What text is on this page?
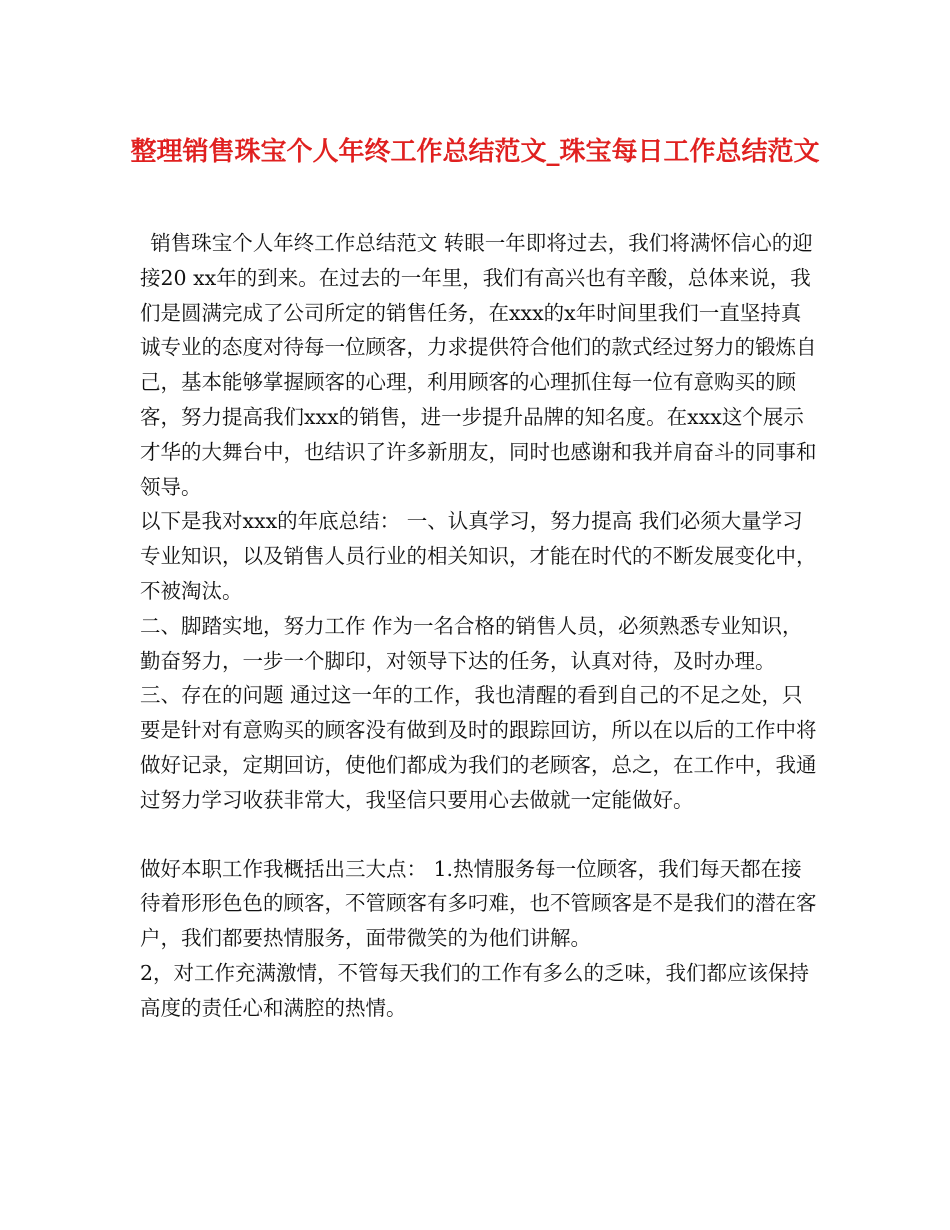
整理销售珠宝个人年终工作总结范文_珠宝每日工作总结范文

销售珠宝个人年终工作总结范文 转眼一年即将过去，我们将满怀信心的迎接20 xx年的到来。在过去的一年里，我们有高兴也有辛酸，总体来说，我们是圆满完成了公司所定的销售任务，在xxx的x年时间里我们一直坚持真诚专业的态度对待每一位顾客，力求提供符合他们的款式经过努力的锻炼自己，基本能够掌握顾客的心理，利用顾客的心理抓住每一位有意购买的顾客，努力提高我们xxx的销售，进一步提升品牌的知名度。在xxx这个展示才华的大舞台中，也结识了许多新朋友，同时也感谢和我并肩奋斗的同事和领导。

以下是我对xxx的年底总结： 一、认真学习，努力提高 我们必须大量学习专业知识，以及销售人员行业的相关知识，才能在时代的不断发展变化中，不被淘汰。

二、脚踏实地，努力工作 作为一名合格的销售人员，必须熟悉专业知识，勤奋努力，一步一个脚印，对领导下达的任务，认真对待，及时办理。

三、存在的问题 通过这一年的工作，我也清醒的看到自己的不足之处，只要是针对有意购买的顾客没有做到及时的跟踪回访，所以在以后的工作中将做好记录，定期回访，使他们都成为我们的老顾客，总之，在工作中，我通过努力学习收获非常大，我坚信只要用心去做就一定能做好。

做好本职工作我概括出三大点： 1.热情服务每一位顾客，我们每天都在接待着形形色色的顾客，不管顾客有多叼难，也不管顾客是不是我们的潜在客户，我们都要热情服务，面带微笑的为他们讲解。

2，对工作充满激情，不管每天我们的工作有多么的乏味，我们都应该保持高度的责任心和满腔的热情。
